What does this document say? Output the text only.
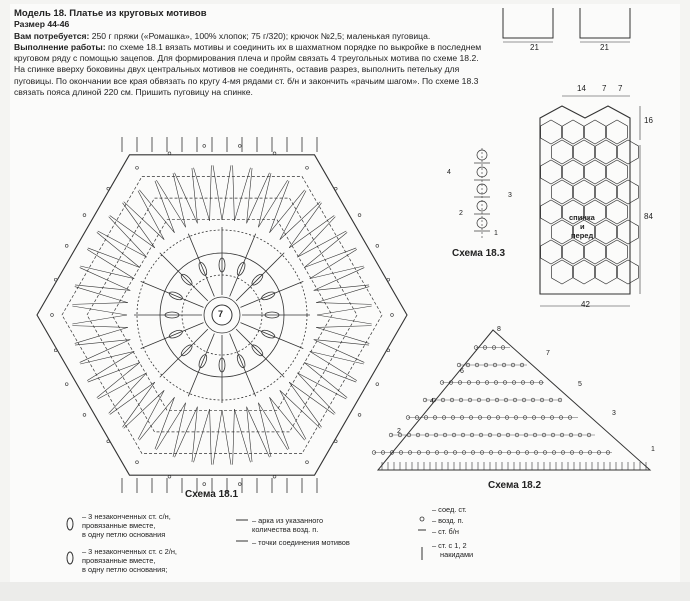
Модель 18. Платье из круговых мотивов
Размер 44-46
Вам потребуется: 250 г пряжи («Ромашка», 100% хлопок; 75 г/320); крючок №2,5; маленькая пуговица.
Выполнение работы: по схеме 18.1 вязать мотивы и соединить их в шахматном порядке по выкройке в последнем круговом ряду с помощью зацепов. Для формирования плеча и пройм связать 4 треугольных мотива по схеме 18.2. На спинке вверху боковины двух центральных мотивов не соединять, оставив разрез, выполнить петельку для пуговицы. По окончании все края обвязать по кругу 4-мя рядами ст. б/н и закончить «рачьим шагом». По схеме 18.3 связать пояса длиной 220 см. Пришить пуговицу на спинке.
21	21
14 7 7
16
84
42
спинка
и
перед
Схема 18.1
Схема 18.2
Схема 18.3
7
1
2
3
4
5
6
7
8
1
2
3
4
– 3 незаконченных ст. с/н,
провязанные вместе,
в одну петлю основания
– 3 незаконченных ст. с 2/н,
провязанные вместе,
в одну петлю основания;
– арка из указанного
количества возд. п.
– точки соединения мотивов
– соед. ст.
– возд. п.
– ст. б/н
– ст. с 1, 2
накидами
